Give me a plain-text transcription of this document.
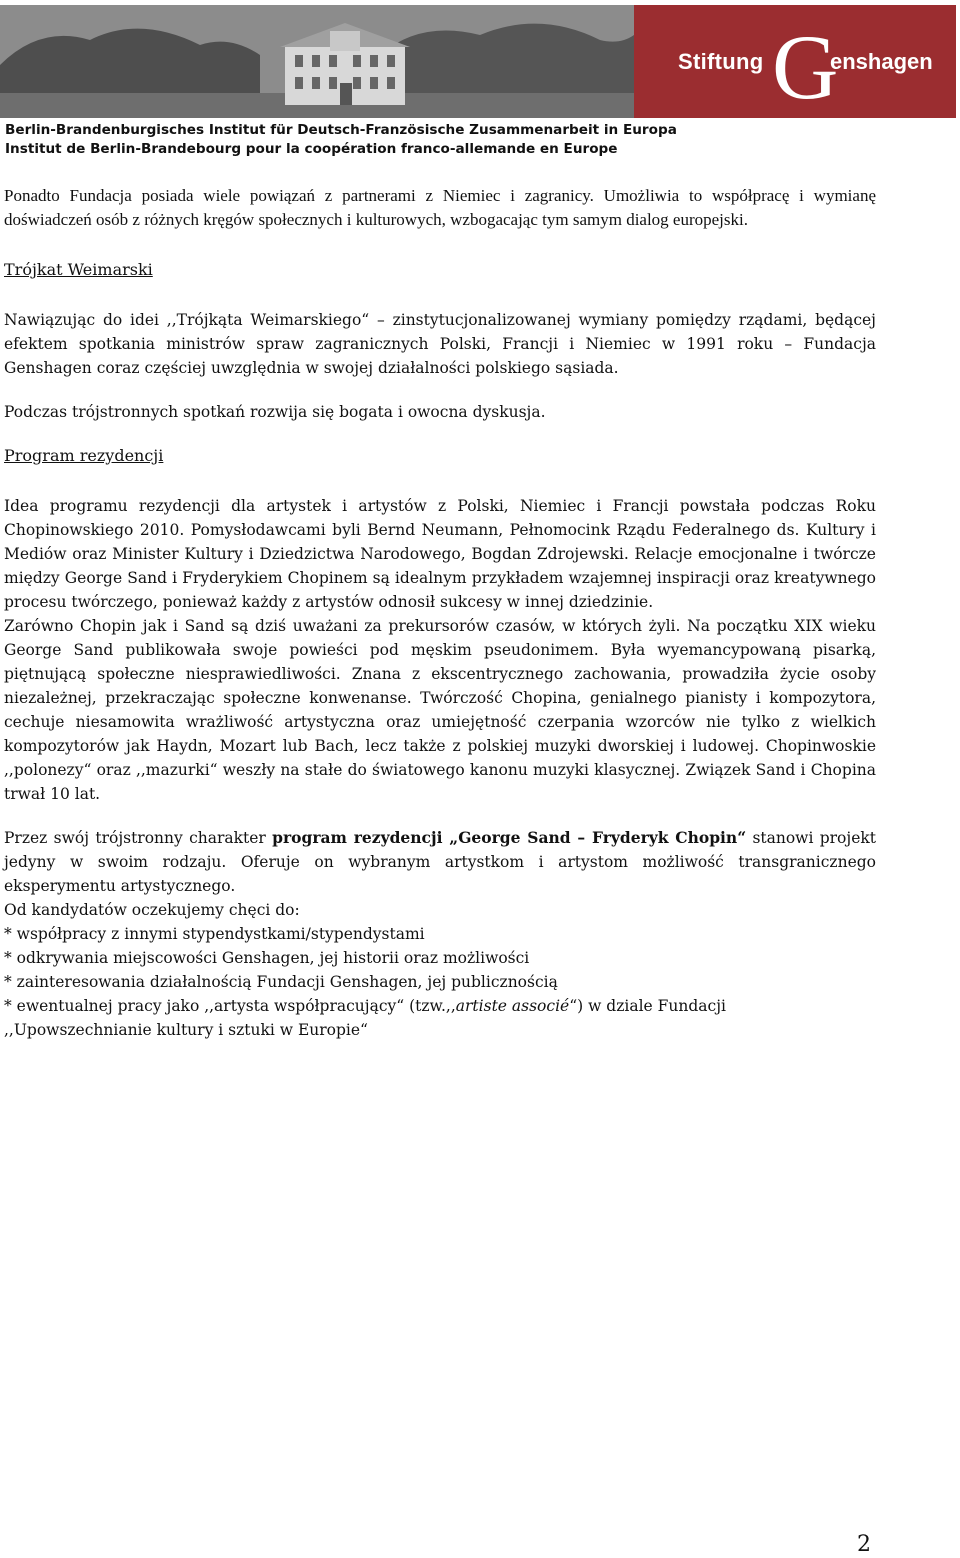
Stiftung G
enshagen
Berlin-Brandenburgisches Institut für Deutsch-Französische Zusammenarbeit in Europa
Institut de Berlin-Brandebourg pour la coopération franco-allemande en Europe

Ponadto Fundacja posiada wiele powiązań z partnerami z Niemiec i zagranicy. Umożliwia to współpracę i wymianę doświadczeń osób z różnych kręgów społecznych i kulturowych, wzbogacając tym samym dialog europejski.

Trójkat Weimarski

Nawiązując do idei ,,Trójkąta Weimarskiego“ – zinstytucjonalizowanej wymiany pomiędzy rządami, będącej efektem spotkania ministrów spraw zagranicznych Polski, Francji i Niemiec w 1991 roku – Fundacja Genshagen coraz częściej uwzględnia w swojej działalności polskiego sąsiada.

Podczas trójstronnych spotkań rozwija się bogata i owocna dyskusja.

Program rezydencji

Idea programu rezydencji dla artystek i artystów z Polski, Niemiec i Francji powstała podczas Roku Chopinowskiego 2010. Pomysłodawcami byli Bernd Neumann, Pełnomocink Rządu Federalnego ds. Kultury i Mediów oraz Minister Kultury i Dziedzictwa Narodowego, Bogdan Zdrojewski. Relacje emocjonalne i twórcze między George Sand i Fryderykiem Chopinem są idealnym przykładem wzajemnej inspiracji oraz kreatywnego procesu twórczego, ponieważ każdy z artystów odnosił sukcesy w innej dziedzinie.

Zarówno Chopin jak i Sand są dziś uważani za prekursorów czasów, w których żyli. Na początku XIX wieku George Sand publikowała swoje powieści pod męskim pseudonimem. Była wyemancypowaną pisarką, piętnującą społeczne niesprawiedliwości. Znana z ekscentrycznego zachowania, prowadziła życie osoby niezależnej, przekraczając społeczne konwenanse. Twórczość Chopina, genialnego pianisty i kompozytora, cechuje niesamowita wrażliwość artystyczna oraz umiejętność czerpania wzorców nie tylko z wielkich kompozytorów jak Haydn, Mozart lub Bach, lecz także z polskiej muzyki dworskiej i ludowej. Chopinwoskie ,,polonezy“ oraz ,,mazurki“ weszły na stałe do światowego kanonu muzyki klasycznej. Związek Sand i Chopina trwał 10 lat.

Przez swój trójstronny charakter program rezydencji „George Sand – Fryderyk Chopin“ stanowi projekt jedyny w swoim rodzaju. Oferuje on wybranym artystkom i artystom możliwość transgranicznego eksperymentu artystycznego.

Od kandydatów oczekujemy chęci do:

* współpracy z innymi stypendystkami/stypendystami

* odkrywania miejscowości Genshagen, jej historii oraz możliwości

* zainteresowania działalnością Fundacji Genshagen, jej publicznością

* ewentualnej pracy jako ,,artysta współpracujący“ (tzw.,,artiste associé“) w dziale Fundacji

,,Upowszechnianie kultury i sztuki w Europie“

2
